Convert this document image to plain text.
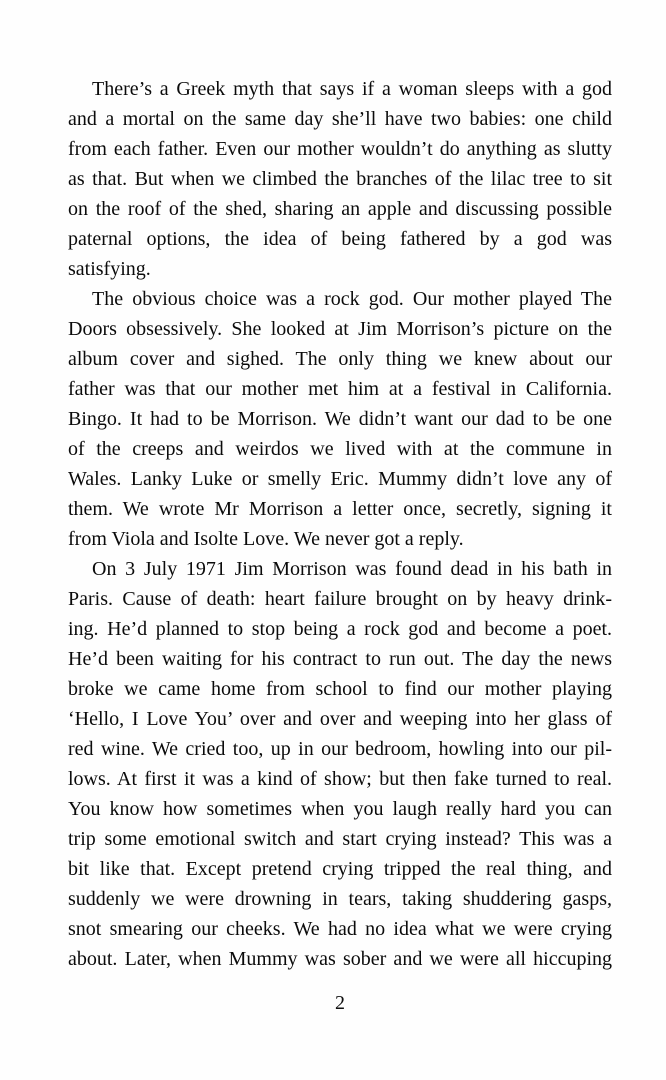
There’s a Greek myth that says if a woman sleeps with a god
and a mortal on the same day she’ll have two babies: one child
from each father. Even our mother wouldn’t do anything as slutty
as that. But when we climbed the branches of the lilac tree to sit
on the roof of the shed, sharing an apple and discussing possible
paternal options, the idea of being fathered by a god was
satisfying.
The obvious choice was a rock god. Our mother played The
Doors obsessively. She looked at Jim Morrison’s picture on the
album cover and sighed. The only thing we knew about our
father was that our mother met him at a festival in California.
Bingo. It had to be Morrison. We didn’t want our dad to be one
of the creeps and weirdos we lived with at the commune in
Wales. Lanky Luke or smelly Eric. Mummy didn’t love any of
them. We wrote Mr Morrison a letter once, secretly, signing it
from Viola and Isolte Love. We never got a reply.
On 3 July 1971 Jim Morrison was found dead in his bath in
Paris. Cause of death: heart failure brought on by heavy drink-
ing. He’d planned to stop being a rock god and become a poet.
He’d been waiting for his contract to run out. The day the news
broke we came home from school to find our mother playing
‘Hello, I Love You’ over and over and weeping into her glass of
red wine. We cried too, up in our bedroom, howling into our pil-
lows. At first it was a kind of show; but then fake turned to real.
You know how sometimes when you laugh really hard you can
trip some emotional switch and start crying instead? This was a
bit like that. Except pretend crying tripped the real thing, and
suddenly we were drowning in tears, taking shuddering gasps,
snot smearing our cheeks. We had no idea what we were crying
about. Later, when Mummy was sober and we were all hiccuping
2
